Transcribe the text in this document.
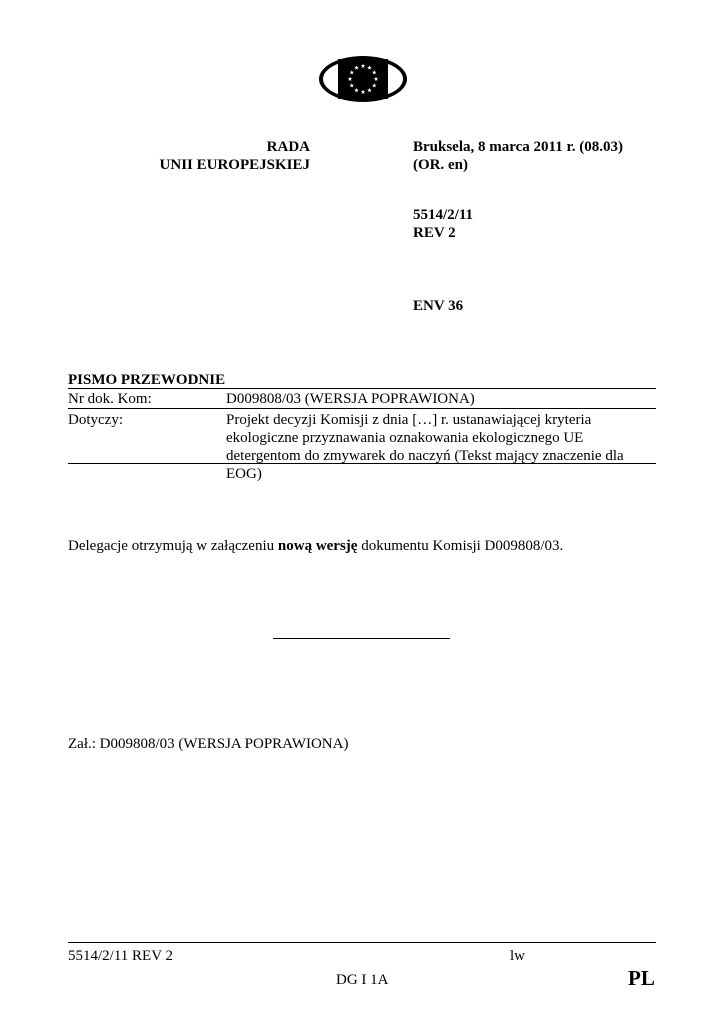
RADA
UNII EUROPEJSKIEJ
Bruksela, 8 marca 2011 r. (08.03)
(OR. en)
5514/2/11
REV 2
ENV 36
PISMO PRZEWODNIE
Nr dok. Kom:	D009808/03 (WERSJA POPRAWIONA)
Dotyczy:	Projekt decyzji Komisji z dnia […] r. ustanawiającej kryteria ekologiczne przyznawania oznakowania ekologicznego UE detergentom do zmywarek do naczyń (Tekst mający znaczenie dla EOG)
Delegacje otrzymują w załączeniu nową wersję dokumentu Komisji D009808/03.
Zał.: D009808/03 (WERSJA POPRAWIONA)
5514/2/11 REV 2	lw
DG I 1A	PL
